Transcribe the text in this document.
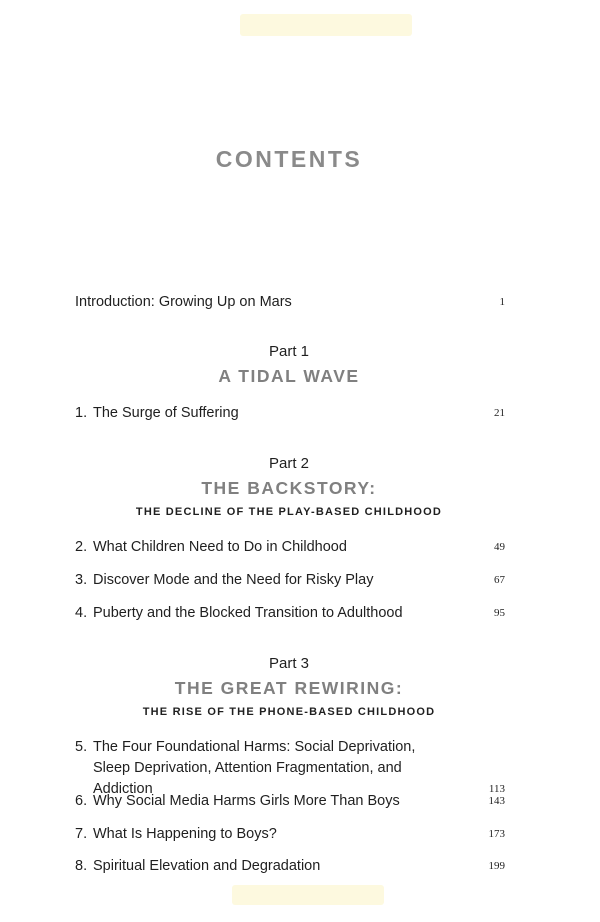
CONTENTS
Introduction: Growing Up on Mars	1
Part 1
A TIDAL WAVE
1. The Surge of Suffering	21
Part 2
THE BACKSTORY:
THE DECLINE OF THE PLAY-BASED CHILDHOOD
2. What Children Need to Do in Childhood	49
3. Discover Mode and the Need for Risky Play	67
4. Puberty and the Blocked Transition to Adulthood	95
Part 3
THE GREAT REWIRING:
THE RISE OF THE PHONE-BASED CHILDHOOD
5. The Four Foundational Harms: Social Deprivation,
Sleep Deprivation, Attention Fragmentation, and Addiction	113
6. Why Social Media Harms Girls More Than Boys	143
7. What Is Happening to Boys?	173
8. Spiritual Elevation and Degradation	199
